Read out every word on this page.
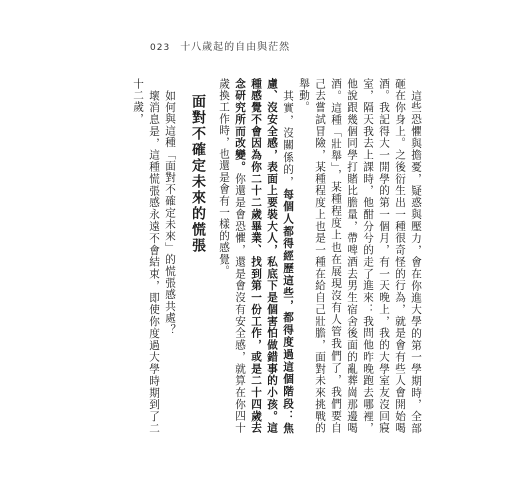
023 十八歲起的自由與茫然

這些恐懼與擔憂，疑惑與壓力，會在你進大學的第一學期時，全部砸在你身上。之後衍生出一種很奇怪的行為，就是會有些人會開始喝酒。我記得大一開學的第一個月，有一天晚上，我的大學室友沒回寢室，隔天我去上課時，他酣分兮的走了進來：我問他昨晚跑去哪裡，他說跟幾個同學打賭比膽量，帶啤酒去男生宿舍後面的亂葬崗那邊喝酒。這種「壯舉」，某種程度上也在展現沒有人管我們了，我們要自己去嘗試冒險，某種程度上也是一種在給自己壯膽，面對未來挑戰的舉動。

其實，沒關係的，每個人都得經歷這些，都得度過這個階段：焦慮、沒安全感，表面上要裝大人，私底下是個害怕做錯事的小孩。這種感覺不會因為你二十二歲畢業、找到第一份工作，或是二十四歲去念研究所而改變。你還是會恐懼，還是會沒有安全感，就算在你四十歲換工作時，也還是會有一樣的感覺。

面對不確定未來的慌張

如何與這種「面對不確定未來」的慌張感共處？

壞消息是，這種慌張感永遠不會結束，即使你度過大學時期到了二十二歲，
